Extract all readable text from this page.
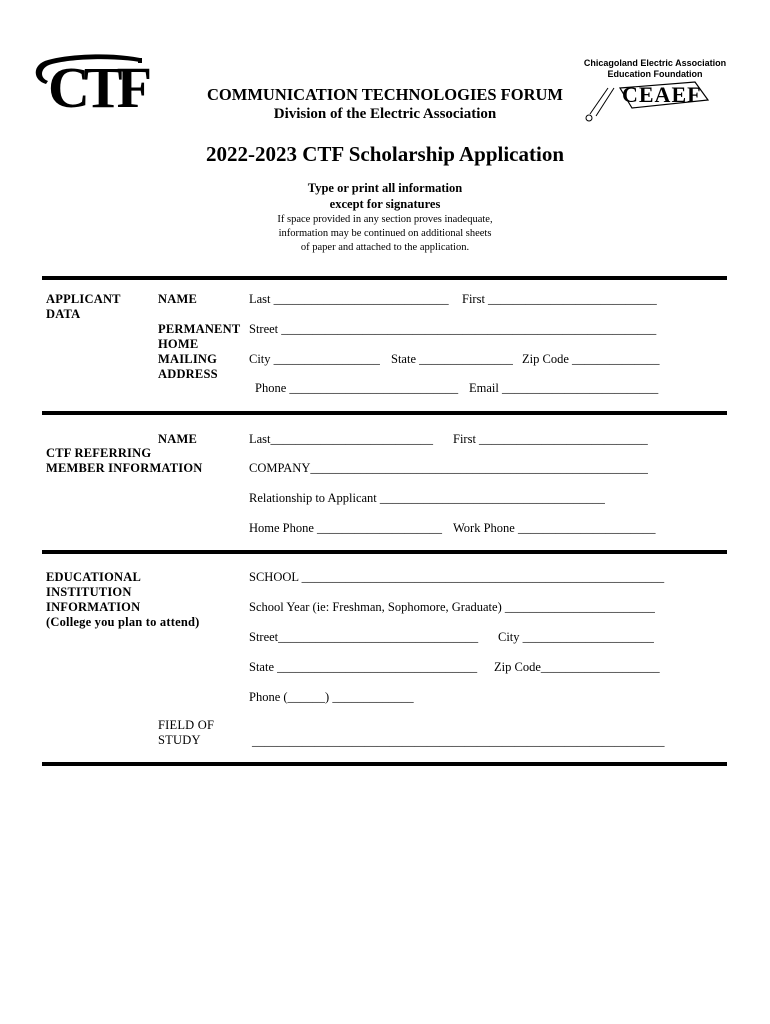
CTF	Chicagoland Electric Association
Education Foundation
CEAEF
COMMUNICATION TECHNOLOGIES FORUM
Division of the Electric Association
2022-2023 CTF Scholarship Application
Type or print all information
except for signatures
If space provided in any section proves inadequate,
information may be continued on additional sheets
of paper and attached to the application.
APPLICANT
DATA
NAME
PERMANENT
HOME
MAILING
ADDRESS
Last ____________________________ First ___________________________
Street ____________________________________________________________
City _________________ State _______________ Zip Code ______________
Phone ___________________________ Email _________________________
NAME
CTF REFERRING
MEMBER INFORMATION
Last__________________________ First ___________________________
COMPANY______________________________________________________
Relationship to Applicant ____________________________________
Home Phone ____________________ Work Phone ______________________
EDUCATIONAL
INSTITUTION
INFORMATION
(College you plan to attend)
SCHOOL __________________________________________________________
School Year (ie: Freshman, Sophomore, Graduate) ________________________
Street________________________________ City _____________________
State ________________________________ Zip Code___________________
Phone (______) _____________
FIELD OF
STUDY	__________________________________________________________________
